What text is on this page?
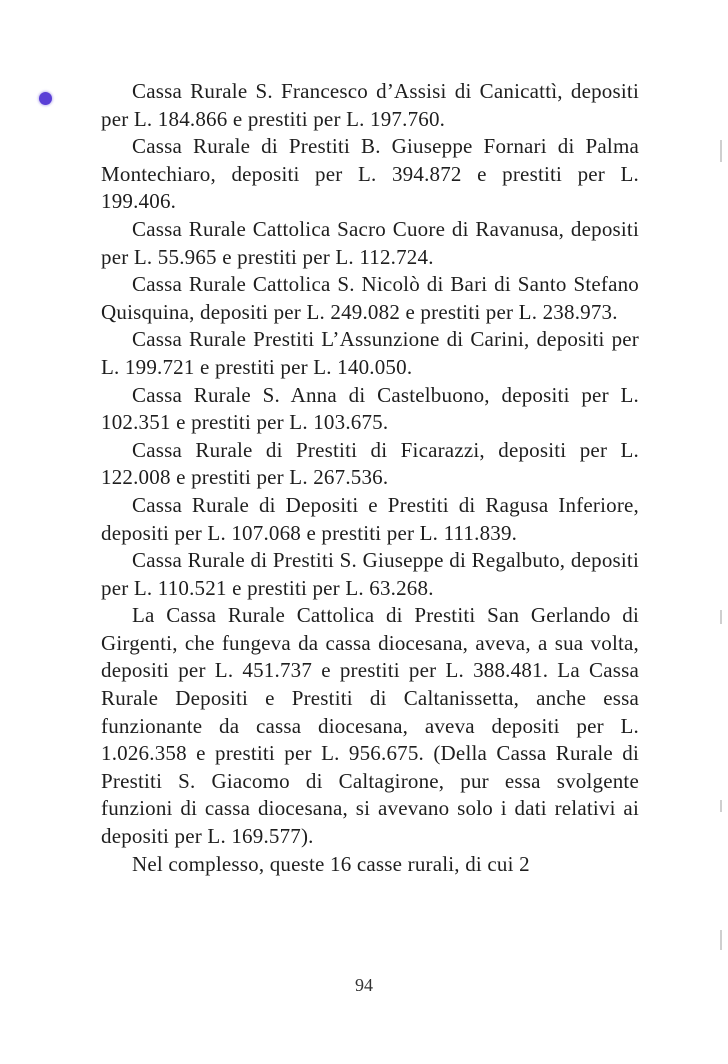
Cassa Rurale S. Francesco d’Assisi di Canicattì, depositi per L. 184.866 e prestiti per L. 197.760.

Cassa Rurale di Prestiti B. Giuseppe Fornari di Palma Montechiaro, depositi per L. 394.872 e prestiti per L. 199.406.

Cassa Rurale Cattolica Sacro Cuore di Ravanusa, depositi per L. 55.965 e prestiti per L. 112.724.

Cassa Rurale Cattolica S. Nicolò di Bari di Santo Stefano Quisquina, depositi per L. 249.082 e prestiti per L. 238.973.

Cassa Rurale Prestiti L’Assunzione di Carini, depositi per L. 199.721 e prestiti per L. 140.050.

Cassa Rurale S. Anna di Castelbuono, depositi per L. 102.351 e prestiti per L. 103.675.

Cassa Rurale di Prestiti di Ficarazzi, depositi per L. 122.008 e prestiti per L. 267.536.

Cassa Rurale di Depositi e Prestiti di Ragusa Inferiore, depositi per L. 107.068 e prestiti per L. 111.839.

Cassa Rurale di Prestiti S. Giuseppe di Regalbuto, depositi per L. 110.521 e prestiti per L. 63.268.

La Cassa Rurale Cattolica di Prestiti San Gerlando di Girgenti, che fungeva da cassa diocesana, aveva, a sua volta, depositi per L. 451.737 e prestiti per L. 388.481. La Cassa Rurale Depositi e Prestiti di Caltanissetta, anche essa funzionante da cassa diocesana, aveva depositi per L. 1.026.358 e prestiti per L. 956.675. (Della Cassa Rurale di Prestiti S. Giacomo di Caltagirone, pur essa svolgente funzioni di cassa diocesana, si avevano solo i dati relativi ai depositi per L. 169.577).

Nel complesso, queste 16 casse rurali, di cui 2

94
